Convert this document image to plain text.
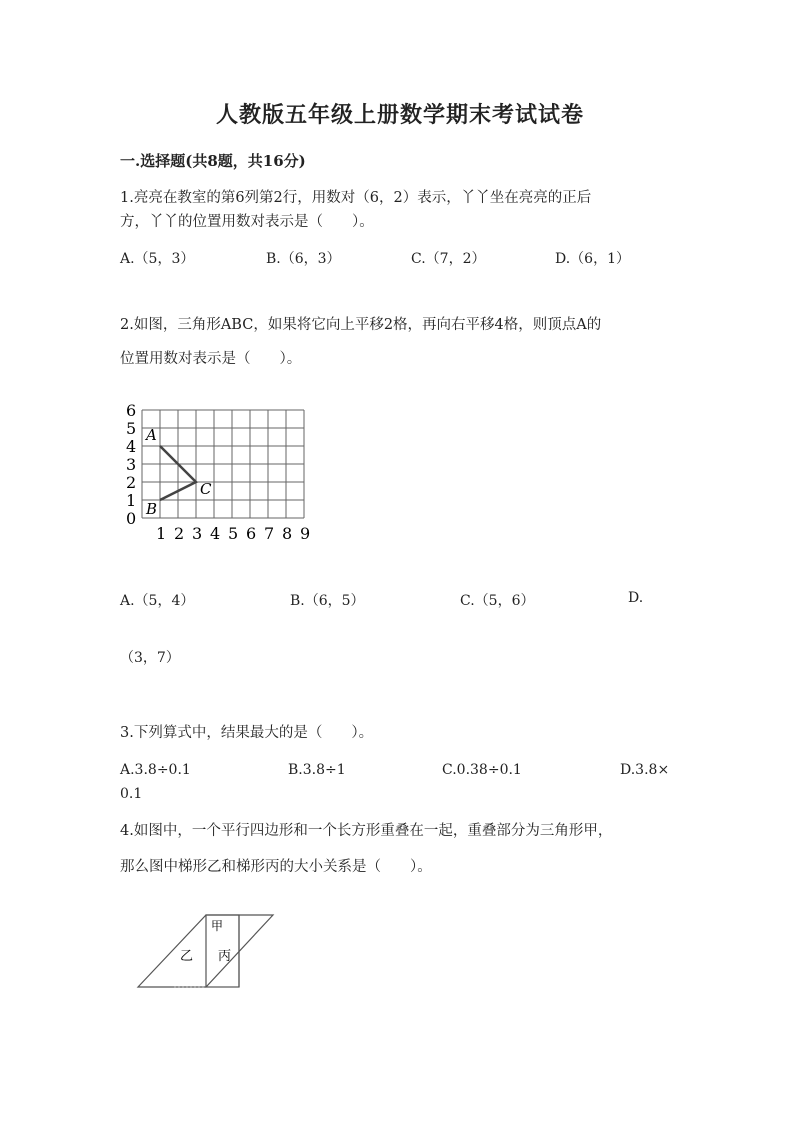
人教版五年级上册数学期末考试试卷
一.选择题(共8题，共16分)
1.亮亮在教室的第6列第2行，用数对（6，2）表示，丫丫坐在亮亮的正后
方，丫丫的位置用数对表示是（　　）。
A.（5，3）	B.（6，3）	C.（7，2）	D.（6，1）
2.如图，三角形ABC，如果将它向上平移2格，再向右平移4格，则顶点A的
位置用数对表示是（　　）。
1 2 3 4 5 6 7 8 9
0
1
2
3
4
5
6
A
B
C
A.（5，4）	B.（6，5）	C.（5，6）	D.
（3，7）
3.下列算式中，结果最大的是（　　）。
A.3.8÷0.1	B.3.8÷1	C.0.38÷0.1	D.3.8×
0.1
4.如图中，一个平行四边形和一个长方形重叠在一起，重叠部分为三角形甲，
那么图中梯形乙和梯形丙的大小关系是（　　）。
甲
乙 丙
